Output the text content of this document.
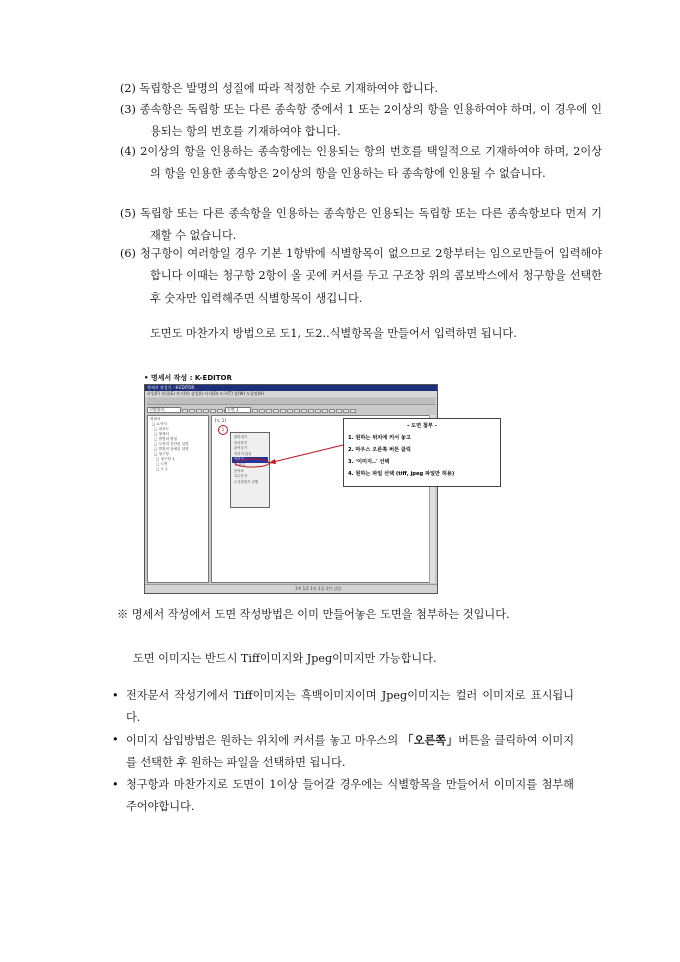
(2) 독립항은 발명의 성질에 따라 적정한 수로 기재하여야 합니다.
(3) 종속항은 독립항 또는 다른 종속항 중에서 1 또는 2이상의 항을 인용하여야 하며, 이 경우에 인용되는 항의 번호를 기재하여야 합니다.
(4) 2이상의 항을 인용하는 종속항에는 인용되는 항의 번호를 택일적으로 기재하여야 하며, 2이상의 항을 인용한 종속항은 2이상의 항을 인용하는 타 종속항에 인용될 수 없습니다.
(5) 독립항 또는 다른 종속항을 인용하는 종속항은 인용되는 독립항 또는 다른 종속항보다 먼저 기재할 수 없습니다.
(6) 청구항이 여러항일 경우 기본 1항밖에 식별항목이 없으므로 2항부터는 임으로만들어 입력해야합니다 이때는 청구항 2항이 올 곳에 커서를 두고 구조창 위의 콤보박스에서 청구항을 선택한후 숫자만 입력해주면 식별항목이 생깁니다.
도면도 마찬가지 방법으로 도1, 도2..식별항목을 만들어서 입력하면 됩니다.
• 명세서 작성 : K-EDITOR
명세서 작성기 - K-EDITOR
파일(F) 편집(E) 보기(V) 삽입(I) 서식(O) 도구(T) 창(W) 도움말(H)
식별항목	도면 1
명세서
□ 요약서
□ 대표도
□ 명세서
□ 발명의 명칭
□ 도면의 간단한 설명
□ 발명의 상세한 설명
□ 청구항
□ 청구항 1
□ 도면
□ 도 1
[도 1]
1
잘라내기
복사하기
붙여넣기
이미지 삽입
이미지...
표 삽입
문자표
특수문자
수식편집기 실행
- 도면 첨부 -
1. 원하는 위치에 커서 놓고
2. 마우스 오른쪽 버튼 클릭
3. '이미지..' 선택
4. 원하는 파일 선택 (tiff, jpeg 파일만 허용)
1쪽 1/1 1단 1줄 1칸 삽입
※ 명세서 작성에서 도면 작성방법은 이미 만들어놓은 도면을 첨부하는 것입니다.
도면 이미지는 반드시 Tiff이미지와 Jpeg이미지만 가능합니다.
• 전자문서 작성기에서 Tiff이미지는 흑백이미지이며 Jpeg이미지는 컬러 이미지로 표시됩니다.
• 이미지 삽입방법은 원하는 위치에 커서를 놓고 마우스의 「오른쪽」버튼을 클릭하여 이미지를 선택한 후 원하는 파일을 선택하면 됩니다.
• 청구항과 마찬가지로 도면이 1이상 들어갈 경우에는 식별항목을 만들어서 이미지를 첨부해주어야합니다.
